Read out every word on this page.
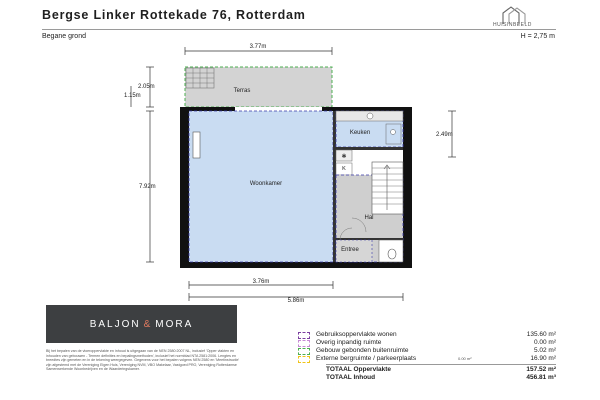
Bergse Linker Rottekade 76, Rotterdam
Begane grond	H = 2,75 m
HUISINBEELD
✱
Terras
Keuken
Woonkamer
Hal
Entree
K
3.77m
2.05m
1.15m
7.92m
2.49m
3.76m
5.86m
BALJON & MORA
Bij het bepalen van de vloeroppervlakte en inhoud is uitgegaan van de NEN 2580:2007 NL, inclusief 'Opper vlakten en inhouden van gebouwen - Termen definities en bepalingsmethoden', inclusief het normblad NTA 2581:2006. Lengtes en breedtes zijn gemeten en in de tekening weergegeven. Gegevens voor het bepalen volgens NEN 2580 en 'Meetinstructie' zijn afgestemd met de Vereniging Eigen Huis, Vereniging NVM, VBO Makelaar, Vastgoed PRO, Vereniging Rotterdamse Samenwerkende Woonbedrijven en de Waarderingskamer.
Gebruiksoppervlakte wonen	135.60 m²
Overig inpandig ruimte	0.00 m²
Gebouw gebonden buitenruimte	5.02 m²
Externe bergruimte / parkeerplaats	0.00 m²	16.90 m²
TOTAAL Oppervlakte	157.52 m²
TOTAAL Inhoud	456.81 m³
